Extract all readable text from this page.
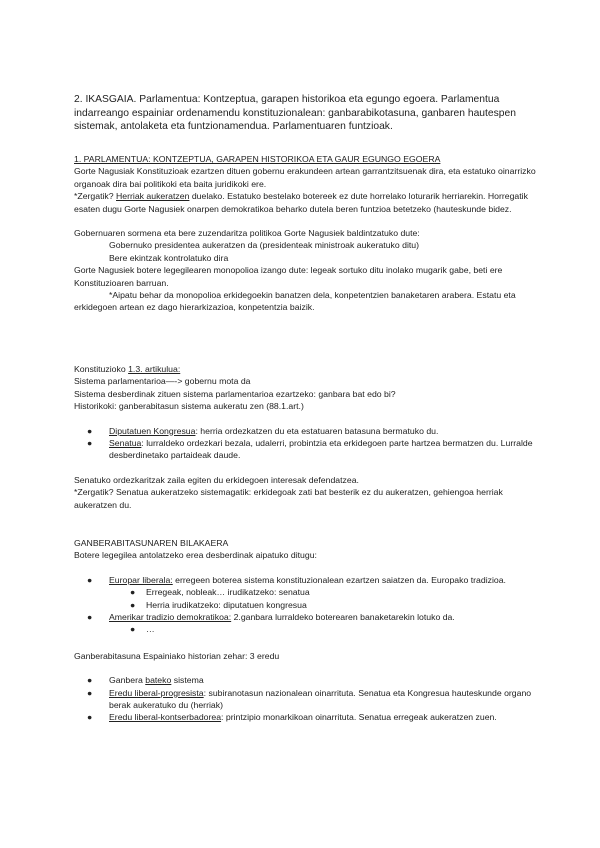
2. IKASGAIA. Parlamentua: Kontzeptua, garapen historikoa eta egungo egoera. Parlamentua indarreango espainiar ordenamendu konstituzionalean: ganbarabikotasuna, ganbaren hautespen sistemak, antolaketa eta funtzionamendua. Parlamentuaren funtzioak.
1. PARLAMENTUA: KONTZEPTUA, GARAPEN HISTORIKOA ETA GAUR EGUNGO EGOERA
Gorte Nagusiak Konstituzioak ezartzen dituen gobernu erakundeen artean garrantzitsuenak dira, eta estatuko oinarrizko organoak dira bai politikoki eta baita juridikoki ere.
*Zergatik? Herriak aukeratzen duelako. Estatuko bestelako botereek ez dute horrelako loturarik herriarekin. Horregatik esaten dugu Gorte Nagusiek onarpen demokratikoa beharko dutela beren funtzioa betetzeko (hauteskunde bidez.
Gobernuaren sormena eta bere zuzendaritza politikoa Gorte Nagusiek baldintzatuko dute:
Gobernuko presidentea aukeratzen da (presidenteak ministroak aukeratuko ditu)
Bere ekintzak kontrolatuko dira
Gorte Nagusiek botere legegilearen monopolioa izango dute: legeak sortuko ditu inolako mugarik gabe, beti ere Konstituzioaren barruan.
*Aipatu behar da monopolioa erkidegoekin banatzen dela, konpetentzien banaketaren arabera. Estatu eta erkidegoen artean ez dago hierarkizazioa, konpetentzia baizik.
Konstituzioko 1.3. artikulua:
Sistema parlamentarioa—-> gobernu mota da
Sistema desberdinak zituen sistema parlamentarioa ezartzeko: ganbara bat edo bi?
Historikoki: ganberabitasun sistema aukeratu zen (88.1.art.)
● Diputatuen Kongresua: herria ordezkatzen du eta estatuaren batasuna bermatuko du.
● Senatua: lurraldeko ordezkari bezala, udalerri, probintzia eta erkidegoen parte hartzea bermatzen du. Lurralde desberdinetako partaideak daude.
Senatuko ordezkaritzak zaila egiten du erkidegoen interesak defendatzea.
*Zergatik? Senatua aukeratzeko sistemagatik: erkidegoak zati bat besterik ez du aukeratzen, gehiengoa herriak aukeratzen du.
GANBERABITASUNAREN BILAKAERA
Botere legegilea antolatzeko erea desberdinak aipatuko ditugu:
● Europar liberala: erregeen boterea sistema konstituzionalean ezartzen saiatzen da. Europako tradizioa.
● Erregeak, nobleak… irudikatzeko: senatua
● Herria irudikatzeko: diputatuen kongresua
● Amerikar tradizio demokratikoa: 2.ganbara lurraldeko boterearen banaketarekin lotuko da.
● …
Ganberabitasuna Espainiako historian zehar: 3 eredu
● Ganbera bateko sistema
● Eredu liberal-progresista: subiranotasun nazionalean oinarrituta. Senatua eta Kongresua hauteskunde organo berak aukeratuko du (herriak)
● Eredu liberal-kontserbadorea: printzipio monarkikoan oinarrituta. Senatua erregeak aukeratzen zuen.
